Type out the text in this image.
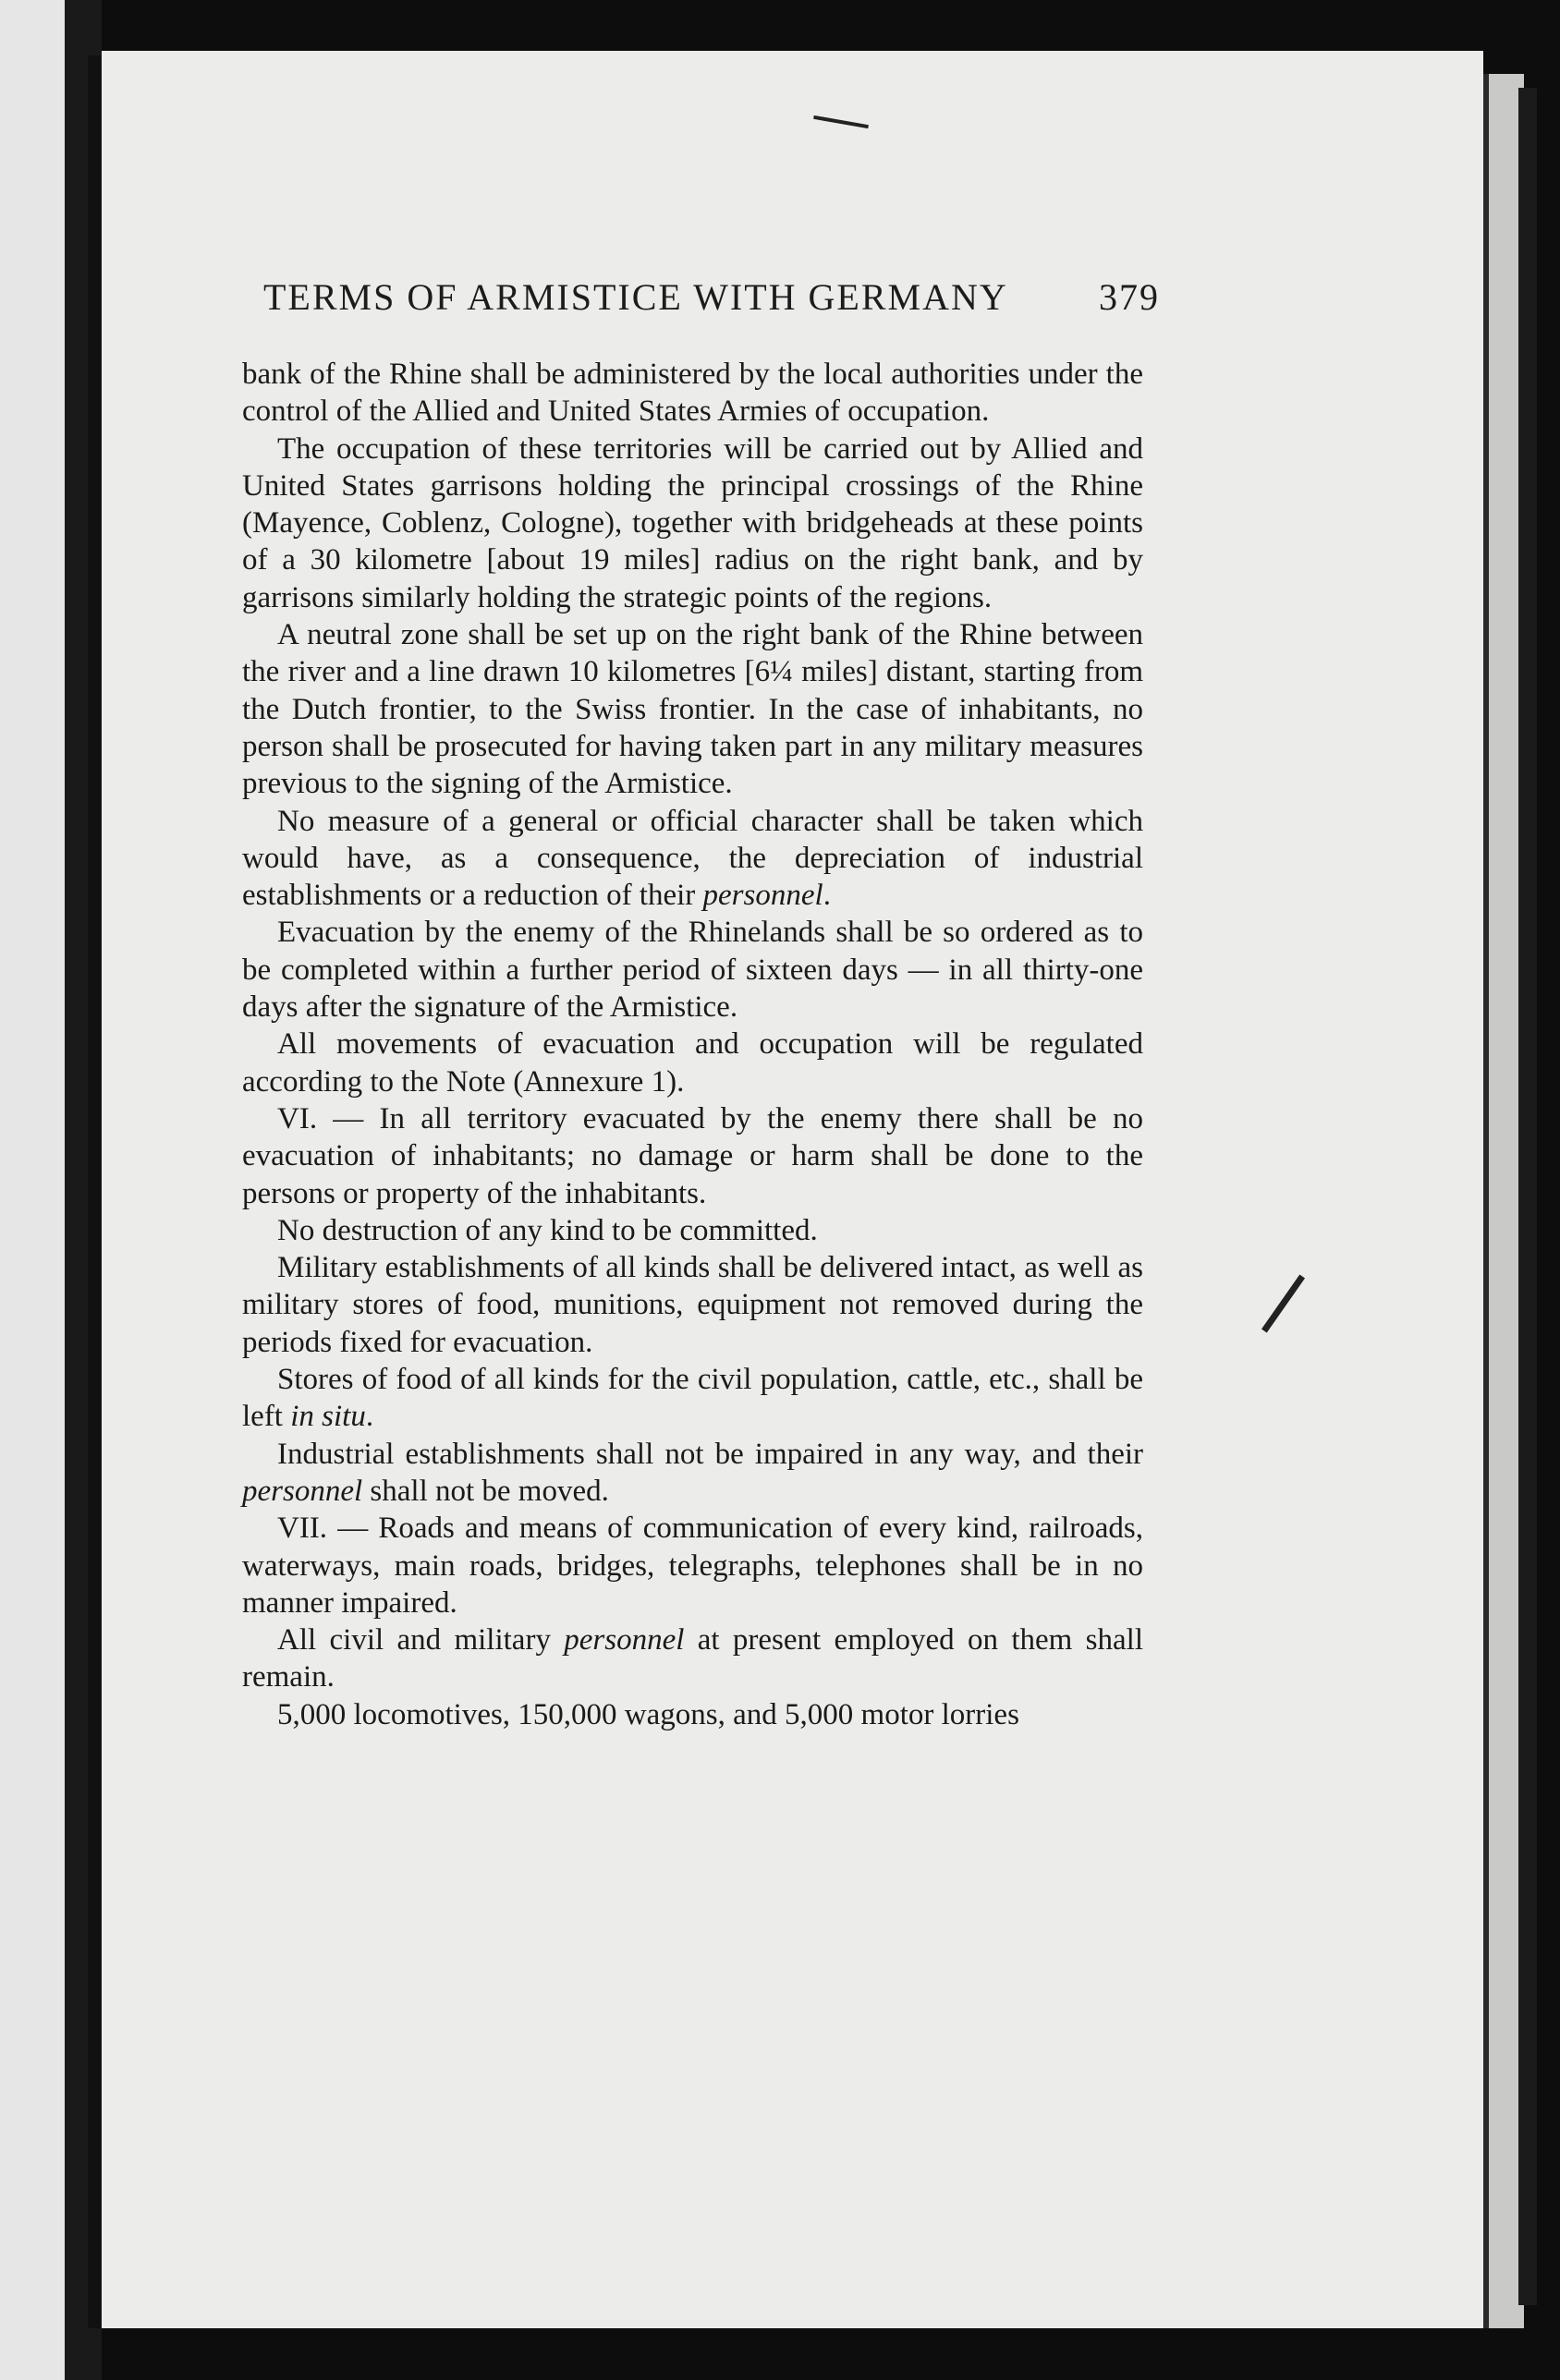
TERMS OF ARMISTICE WITH GERMANY 379

bank of the Rhine shall be administered by the local authorities under the control of the Allied and United States Armies of occupation.

The occupation of these territories will be carried out by Allied and United States garrisons holding the principal crossings of the Rhine (Mayence, Coblenz, Cologne), together with bridgeheads at these points of a 30 kilometre [about 19 miles] radius on the right bank, and by garrisons similarly holding the strategic points of the regions.

A neutral zone shall be set up on the right bank of the Rhine between the river and a line drawn 10 kilometres [6¼ miles] distant, starting from the Dutch frontier, to the Swiss frontier. In the case of inhabitants, no person shall be prosecuted for having taken part in any military measures previous to the signing of the Armistice.

No measure of a general or official character shall be taken which would have, as a consequence, the depreciation of industrial establishments or a reduction of their personnel.

Evacuation by the enemy of the Rhinelands shall be so ordered as to be completed within a further period of sixteen days — in all thirty-one days after the signature of the Armistice.

All movements of evacuation and occupation will be regulated according to the Note (Annexure 1).

VI. — In all territory evacuated by the enemy there shall be no evacuation of inhabitants; no damage or harm shall be done to the persons or property of the inhabitants.

No destruction of any kind to be committed.

Military establishments of all kinds shall be delivered intact, as well as military stores of food, munitions, equipment not removed during the periods fixed for evacuation.

Stores of food of all kinds for the civil population, cattle, etc., shall be left in situ.

Industrial establishments shall not be impaired in any way, and their personnel shall not be moved.

VII. — Roads and means of communication of every kind, railroads, waterways, main roads, bridges, telegraphs, telephones shall be in no manner impaired.

All civil and military personnel at present employed on them shall remain.

5,000 locomotives, 150,000 wagons, and 5,000 motor lorries
